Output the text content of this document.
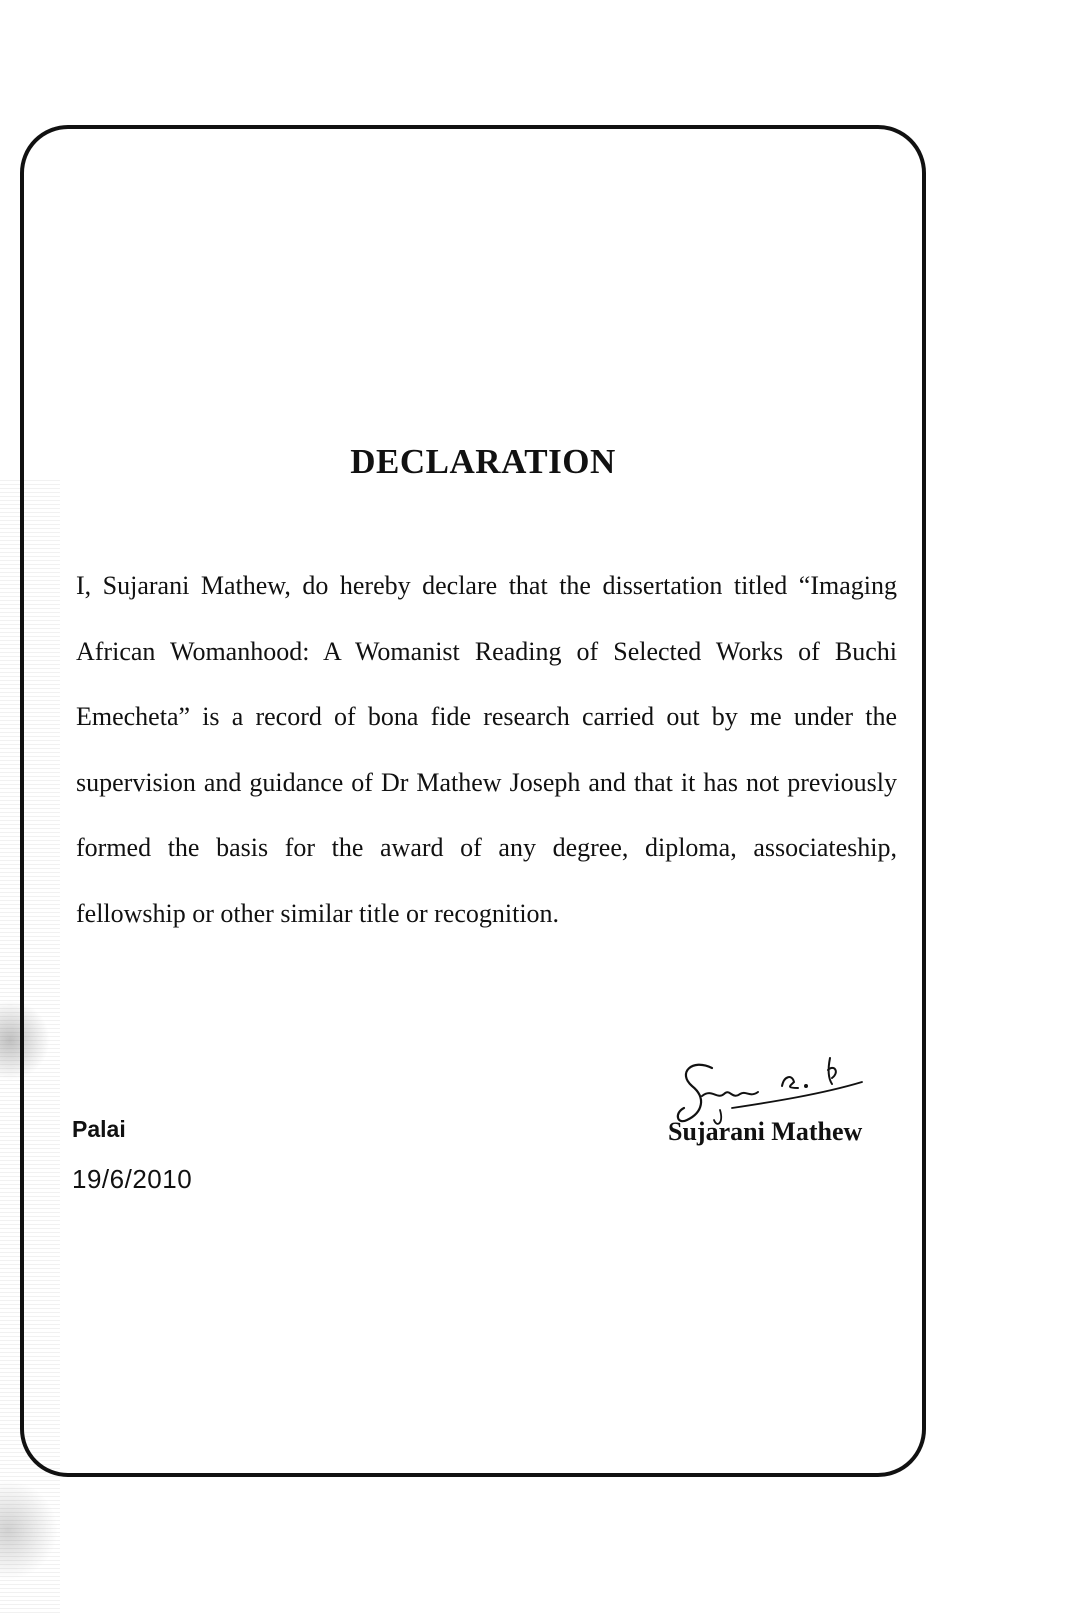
DECLARATION

I, Sujarani Mathew, do hereby declare that the dissertation titled “Imaging African Womanhood: A Womanist Reading of Selected Works of Buchi Emecheta” is a record of bona fide research carried out by me under the supervision and guidance of Dr Mathew Joseph and that it has not previously formed the basis for the award of any degree, diploma, associateship, fellowship or other similar title or recognition.

Palai

19/6/2010

Sujarani Mathew
